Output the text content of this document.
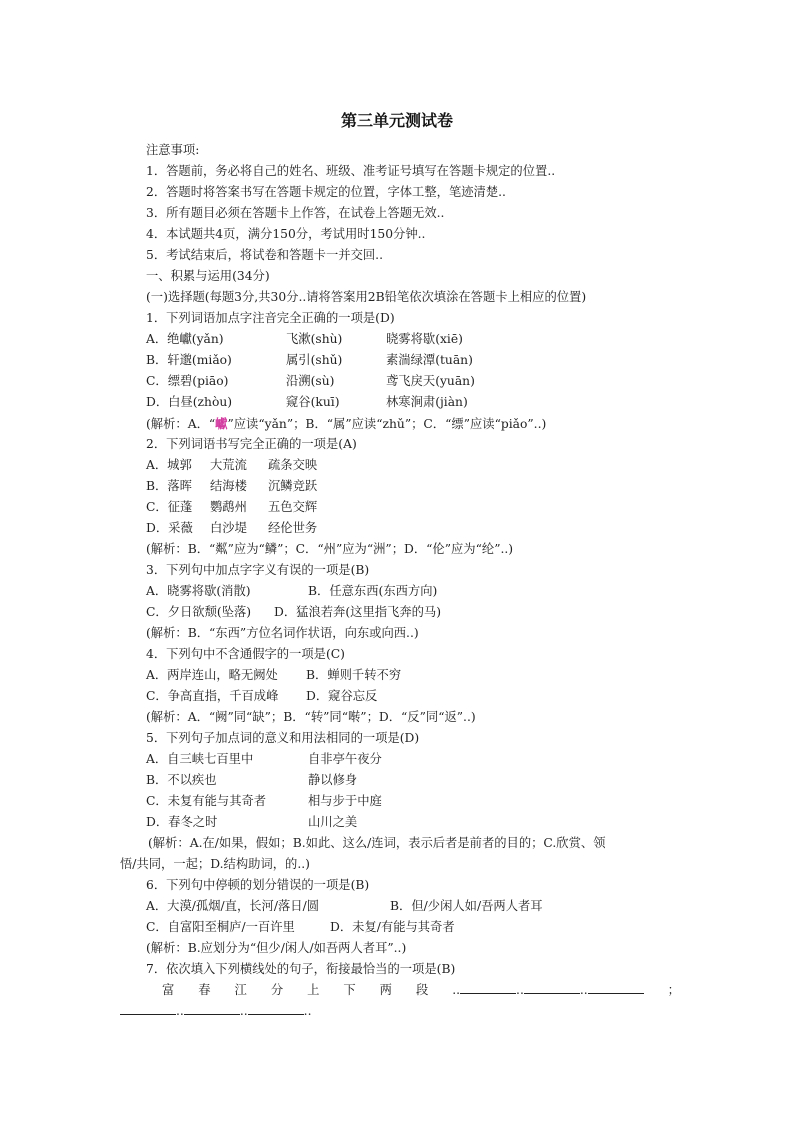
第三单元测试卷
注意事项:
1．答题前，务必将自己的姓名、班级、准考证号填写在答题卡规定的位置..
2．答题时将答案书写在答题卡规定的位置，字体工整，笔迹清楚..
3．所有题目必须在答题卡上作答，在试卷上答题无效..
4．本试题共4页，满分150分，考试用时150分钟..
5．考试结束后，将试卷和答题卡一并交回..
一、积累与运用(34分)
(一)选择题(每题3分,共30分..请将答案用2B铅笔依次填涂在答题卡上相应的位置)
1．下列词语加点字注音完全正确的一项是(D)
A．绝巘(yǎn)	飞漱(shù)	晓雾将歇(xiē)
B．轩邈(miǎo)	属引(shǔ)	素湍绿潭(tuān)
C．缥碧(piāo)	沿溯(sù)	鸢飞戾天(yuān)
D．白昼(zhòu)	窥谷(kuī)	林寒涧肃(jiàn)
(解析：A．“巘”应读“yǎn”；B．“属”应读“zhǔ”；C．“缥”应读“piǎo”..)
2．下列词语书写完全正确的一项是(A)
A．城郭	大荒流	疏条交映
B．落晖	结海楼	沉鳞竞跃
C．征蓬	鹦鹉州	五色交辉
D．采薇	白沙堤	经伦世务
(解析：B．“粼”应为“鳞”；C．“州”应为“洲”；D．“伦”应为“纶”..)
3．下列句中加点字字义有误的一项是(B)
A．晓雾将歇(消散)	B．任意东西(东西方向)
C．夕日欲颓(坠落)	D．猛浪若奔(这里指飞奔的马)
(解析：B．“东西”方位名词作状语，向东或向西..)
4．下列句中不含通假字的一项是(C)
A．两岸连山，略无阙处	B．蝉则千转不穷
C．争高直指，千百成峰	D．窥谷忘反
(解析：A．“阙”同“缺”；B．“转”同“啭”；D．“反”同“返”..)
5．下列句子加点词的意义和用法相同的一项是(D)
A．自三峡七百里中	自非亭午夜分
B．不以疾也	静以修身
C．未复有能与其奇者	相与步于中庭
D．春冬之时	山川之美
(解析：A.在/如果，假如；B.如此、这么/连词，表示后者是前者的目的；C.欣赏、领
悟/共同，一起；D.结构助词，的..)
6．下列句中停顿的划分错误的一项是(B)
A．大漠/孤烟/直，长河/落日/圆	B．但/少闲人如/吾两人者耳
C．自富阳至桐庐/一百许里	D．未复/有能与其奇者
(解析：B.应划分为“但少/闲人/如吾两人者耳”..)
7．依次填入下列横线处的句子，衔接最恰当的一项是(B)
富 春 江 分 上 下 两 段 ..	..	..	；
..	..	..
